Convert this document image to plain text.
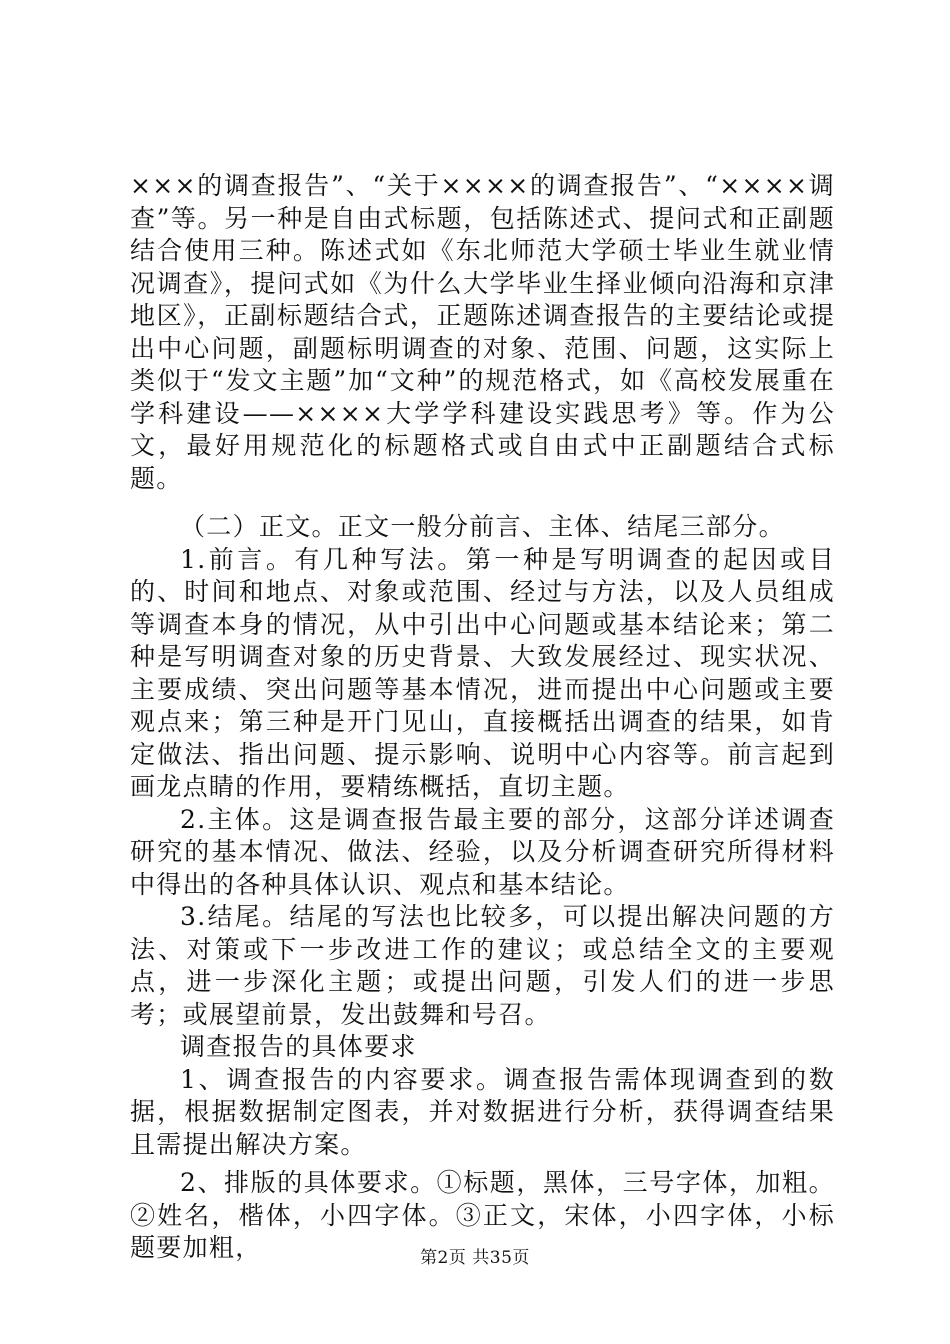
×××的调查报告”、“关于××××的调查报告”、“××××调查”等。另一种是自由式标题，包括陈述式、提问式和正副题结合使用三种。陈述式如《东北师范大学硕士毕业生就业情况调查》，提问式如《为什么大学毕业生择业倾向沿海和京津地区》，正副标题结合式，正题陈述调查报告的主要结论或提出中心问题，副题标明调查的对象、范围、问题，这实际上类似于“发文主题”加“文种”的规范格式，如《高校发展重在学科建设——××××大学学科建设实践思考》等。作为公文，最好用规范化的标题格式或自由式中正副题结合式标题。

（二）正文。正文一般分前言、主体、结尾三部分。

1.前言。有几种写法。第一种是写明调查的起因或目的、时间和地点、对象或范围、经过与方法，以及人员组成等调查本身的情况，从中引出中心问题或基本结论来；第二种是写明调查对象的历史背景、大致发展经过、现实状况、主要成绩、突出问题等基本情况，进而提出中心问题或主要观点来；第三种是开门见山，直接概括出调查的结果，如肯定做法、指出问题、提示影响、说明中心内容等。前言起到画龙点睛的作用，要精练概括，直切主题。

2.主体。这是调查报告最主要的部分，这部分详述调查研究的基本情况、做法、经验，以及分析调查研究所得材料中得出的各种具体认识、观点和基本结论。

3.结尾。结尾的写法也比较多，可以提出解决问题的方法、对策或下一步改进工作的建议；或总结全文的主要观点，进一步深化主题；或提出问题，引发人们的进一步思考；或展望前景，发出鼓舞和号召。

调查报告的具体要求

1、调查报告的内容要求。调查报告需体现调查到的数据，根据数据制定图表，并对数据进行分析，获得调查结果且需提出解决方案。

2、排版的具体要求。①标题，黑体，三号字体，加粗。②姓名，楷体，小四字体。③正文，宋体，小四字体，小标题要加粗，	第2页 共35页
